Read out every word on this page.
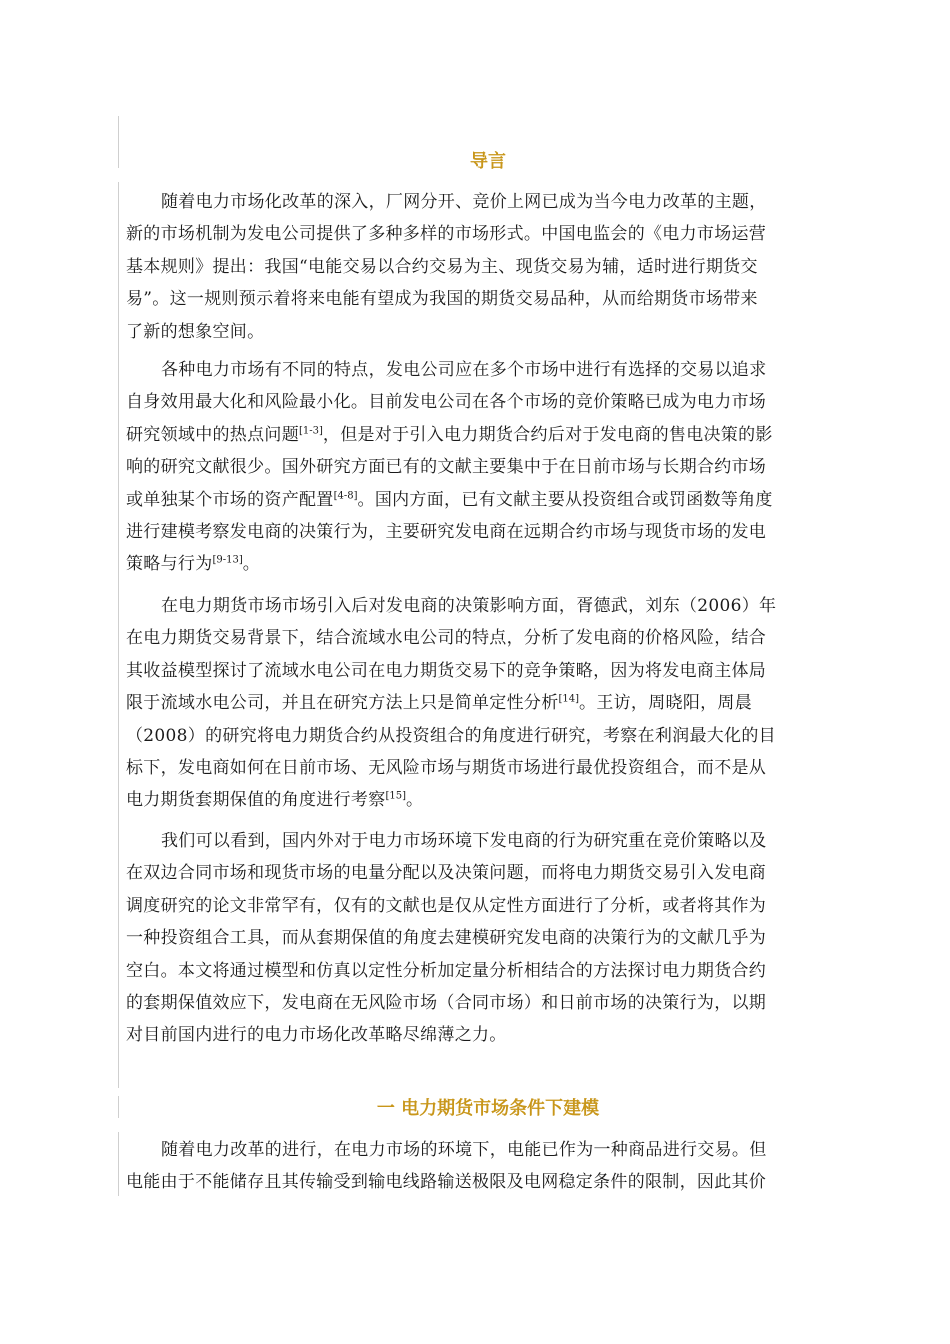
导言
随着电力市场化改革的深入，厂网分开、竞价上网已成为当今电力改革的主题，
新的市场机制为发电公司提供了多种多样的市场形式。中国电监会的《电力市场运营
基本规则》提出：我国“电能交易以合约交易为主、现货交易为辅，适时进行期货交
易”。这一规则预示着将来电能有望成为我国的期货交易品种，从而给期货市场带来
了新的想象空间。
各种电力市场有不同的特点，发电公司应在多个市场中进行有选择的交易以追求
自身效用最大化和风险最小化。目前发电公司在各个市场的竞价策略已成为电力市场
研究领域中的热点问题[1-3]，但是对于引入电力期货合约后对于发电商的售电决策的影
响的研究文献很少。国外研究方面已有的文献主要集中于在日前市场与长期合约市场
或单独某个市场的资产配置[4-8]。国内方面，已有文献主要从投资组合或罚函数等角度
进行建模考察发电商的决策行为，主要研究发电商在远期合约市场与现货市场的发电
策略与行为[9-13]。
在电力期货市场市场引入后对发电商的决策影响方面，胥德武，刘东（2006）年
在电力期货交易背景下，结合流域水电公司的特点，分析了发电商的价格风险，结合
其收益模型探讨了流域水电公司在电力期货交易下的竞争策略，因为将发电商主体局
限于流域水电公司，并且在研究方法上只是简单定性分析[14]。王访，周晓阳，周晨
（2008）的研究将电力期货合约从投资组合的角度进行研究，考察在利润最大化的目
标下，发电商如何在日前市场、无风险市场与期货市场进行最优投资组合，而不是从
电力期货套期保值的角度进行考察[15]。
我们可以看到，国内外对于电力市场环境下发电商的行为研究重在竞价策略以及
在双边合同市场和现货市场的电量分配以及决策问题，而将电力期货交易引入发电商
调度研究的论文非常罕有，仅有的文献也是仅从定性方面进行了分析，或者将其作为
一种投资组合工具，而从套期保值的角度去建模研究发电商的决策行为的文献几乎为
空白。本文将通过模型和仿真以定性分析加定量分析相结合的方法探讨电力期货合约
的套期保值效应下，发电商在无风险市场（合同市场）和日前市场的决策行为，以期
对目前国内进行的电力市场化改革略尽绵薄之力。
一 电力期货市场条件下建模
随着电力改革的进行，在电力市场的环境下，电能已作为一种商品进行交易。但
电能由于不能储存且其传输受到输电线路输送极限及电网稳定条件的限制，因此其价
